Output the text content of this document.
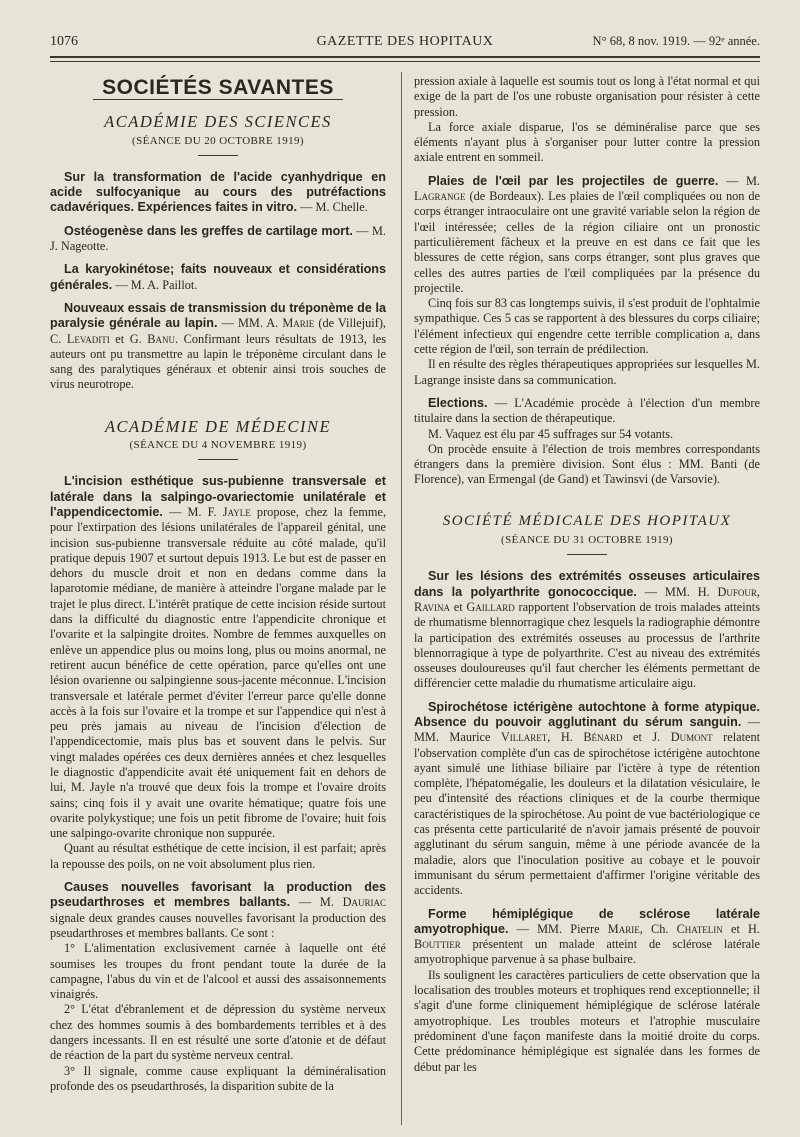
1076	GAZETTE DES HOPITAUX	N° 68, 8 nov. 1919. — 92ᵉ année.
SOCIÉTÉS SAVANTES
ACADÉMIE DES SCIENCES
(SÉANCE DU 20 OCTOBRE 1919)

Sur la transformation de l'acide cyanhydrique en acide sulfocyanique au cours des putréfactions cadavériques. Expériences faites in vitro. — M. Chelle.

Ostéogenèse dans les greffes de cartilage mort. — M. J. Nageotte.

La karyokinétose; faits nouveaux et considérations générales. — M. A. Paillot.

Nouveaux essais de transmission du tréponème de la paralysie générale au lapin. — MM. A. Marie (de Villejuif), C. Levaditi et G. Banu. Confirmant leurs résultats de 1913, les auteurs ont pu transmettre au lapin le tréponème circulant dans le sang des paralytiques généraux et obtenir ainsi trois souches de virus neurotrope.

ACADÉMIE DE MÉDECINE
(SÉANCE DU 4 NOVEMBRE 1919)

L'incision esthétique sus-pubienne transversale et latérale dans la salpingo-ovariectomie unilatérale et l'appendicectomie. — M. F. Jayle propose, chez la femme, pour l'extirpation des lésions unilatérales de l'appareil génital, une incision sus-pubienne transversale réduite au côté malade, qu'il pratique depuis 1907 et surtout depuis 1913. Le but est de passer en dehors du muscle droit et non en dedans comme dans la laparotomie médiane, de manière à atteindre l'organe malade par le trajet le plus direct. L'intérêt pratique de cette incision réside surtout dans la difficulté du diagnostic entre l'appendicite chronique et l'ovarite et la salpingite droites. Nombre de femmes auxquelles on enlève un appendice plus ou moins long, plus ou moins anormal, ne retirent aucun bénéfice de cette opération, parce qu'elles ont une lésion ovarienne ou salpingienne sous-jacente méconnue. L'incision transversale et latérale permet d'éviter l'erreur parce qu'elle donne accès à la fois sur l'ovaire et la trompe et sur l'appendice qui n'est à peu près jamais au niveau de l'incision d'élection de l'appendicectomie, mais plus bas et souvent dans le pelvis. Sur vingt malades opérées ces deux dernières années et chez lesquelles le diagnostic d'appendicite avait été uniquement fait en dehors de lui, M. Jayle n'a trouvé que deux fois la trompe et l'ovaire droits sains; cinq fois il y avait une ovarite hématique; quatre fois une ovarite polykystique; une fois un petit fibrome de l'ovaire; huit fois une salpingo-ovarite chronique non suppurée.

Quant au résultat esthétique de cette incision, il est parfait; après la repousse des poils, on ne voit absolument plus rien.

Causes nouvelles favorisant la production des pseudarthroses et membres ballants. — M. Dauriac signale deux grandes causes nouvelles favorisant la production des pseudarthroses et membres ballants. Ce sont :

1° L'alimentation exclusivement carnée à laquelle ont été soumises les troupes du front pendant toute la durée de la campagne, l'abus du vin et de l'alcool et aussi des assaisonnements vinaigrés.

2° L'état d'ébranlement et de dépression du système nerveux chez des hommes soumis à des bombardements terribles et à des dangers incessants. Il en est résulté une sorte d'atonie et de défaut de réaction de la part du système nerveux central.

3° Il signale, comme cause expliquant la déminéralisation profonde des os pseudarthrosés, la disparition subite de la

pression axiale à laquelle est soumis tout os long à l'état normal et qui exige de la part de l'os une robuste organisation pour résister à cette pression.

La force axiale disparue, l'os se déminéralise parce que ses éléments n'ayant plus à s'organiser pour lutter contre la pression axiale entrent en sommeil.

Plaies de l'œil par les projectiles de guerre. — M. Lagrange (de Bordeaux). Les plaies de l'œil compliquées ou non de corps étranger intraoculaire ont une gravité variable selon la région de l'œil intéressée; celles de la région ciliaire ont un pronostic particulièrement fâcheux et la preuve en est dans ce fait que les blessures de cette région, sans corps étranger, sont plus graves que celles des autres parties de l'œil compliquées par la présence du projectile.

Cinq fois sur 83 cas longtemps suivis, il s'est produit de l'ophtalmie sympathique. Ces 5 cas se rapportent à des blessures du corps ciliaire; l'élément infectieux qui engendre cette terrible complication a, dans cette région de l'œil, son terrain de prédilection.

Il en résulte des règles thérapeutiques appropriées sur lesquelles M. Lagrange insiste dans sa communication.

Elections. — L'Académie procède à l'élection d'un membre titulaire dans la section de thérapeutique.

M. Vaquez est élu par 45 suffrages sur 54 votants.

On procède ensuite à l'élection de trois membres correspondants étrangers dans la première division. Sont élus : MM. Banti (de Florence), van Ermengal (de Gand) et Tawinsvi (de Varsovie).

SOCIÉTÉ MÉDICALE DES HOPITAUX
(SÉANCE DU 31 OCTOBRE 1919)

Sur les lésions des extrémités osseuses articulaires dans la polyarthrite gonococcique. — MM. H. Dufour, Ravina et Gaillard rapportent l'observation de trois malades atteints de rhumatisme blennorragique chez lesquels la radiographie démontre la participation des extrémités osseuses au processus de l'arthrite blennorragique à type de polyarthrite. C'est au niveau des extrémités osseuses douloureuses qu'il faut chercher les éléments permettant de différencier cette maladie du rhumatisme articulaire aigu.

Spirochétose ictérigène autochtone à forme atypique. Absence du pouvoir agglutinant du sérum sanguin. — MM. Maurice Villaret, H. Bénard et J. Dumont relatent l'observation complète d'un cas de spirochétose ictérigène autochtone ayant simulé une lithiase biliaire par l'ictère à type de rétention complète, l'hépatomégalie, les douleurs et la dilatation vésiculaire, le peu d'intensité des réactions cliniques et de la courbe thermique caractéristiques de la spirochétose. Au point de vue bactériologique ce cas présenta cette particularité de n'avoir jamais présenté de pouvoir agglutinant du sérum sanguin, même à une période avancée de la maladie, alors que l'inoculation positive au cobaye et le pouvoir immunisant du sérum permettaient d'affirmer l'origine véritable des accidents.

Forme hémiplégique de sclérose latérale amyotrophique. — MM. Pierre Marie, Ch. Chatelin et H. Bouttier présentent un malade atteint de sclérose latérale amyotrophique parvenue à sa phase bulbaire.

Ils soulignent les caractères particuliers de cette observation que la localisation des troubles moteurs et trophiques rend exceptionnelle; il s'agit d'une forme cliniquement hémiplégique de sclérose latérale amyotrophique. Les troubles moteurs et l'atrophie musculaire prédominent d'une façon manifeste dans la moitié droite du corps. Cette prédominance hémiplégique est signalée dans les formes de début par les
